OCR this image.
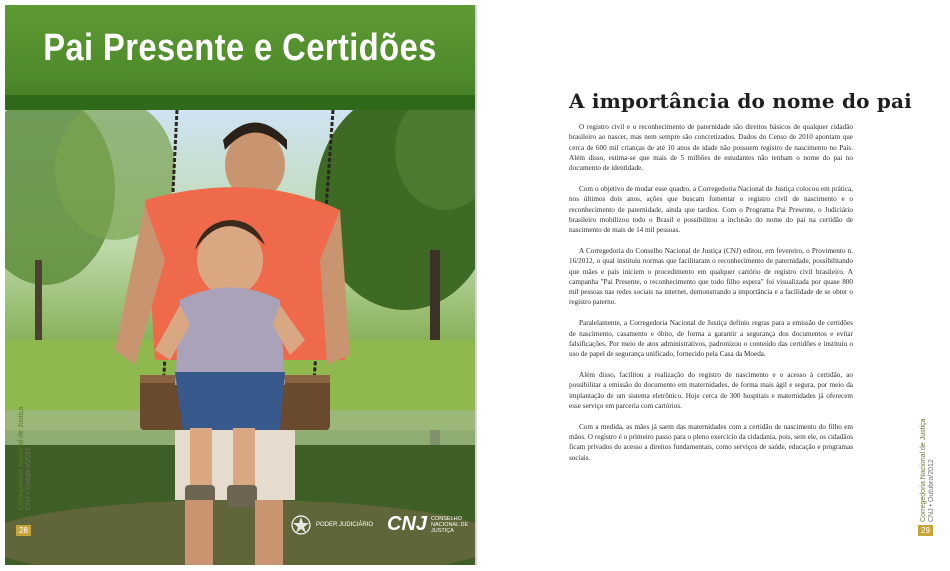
Pai Presente e Certidões
Corregedoria Nacional de Justiça CNJ • Outubro/2012
28
PODER JUDICIÁRIO CNJ CONSELHO NACIONAL DE JUSTIÇA
A importância do nome do pai

O registro civil e o reconhecimento de paternidade são direitos básicos de qualquer cidadão brasileiro ao nascer, mas nem sempre são concretizados. Dados do Censo de 2010 apontam que cerca de 600 mil crianças de até 10 anos de idade não possuem registro de nascimento no País. Além disso, estima-se que mais de 5 milhões de estudantes não tenham o nome do pai no documento de identidade.

Com o objetivo de mudar esse quadro, a Corregedoria Nacional de Justiça colocou em prática, nos últimos dois anos, ações que buscam fomentar o registro civil de nascimento e o reconhecimento de paternidade, ainda que tardios. Com o Programa Pai Presente, o Judiciário brasileiro mobilizou todo o Brasil e possibilitou a inclusão do nome do pai na certidão de nascimento de mais de 14 mil pessoas.

A Corregedoria do Conselho Nacional de Justiça (CNJ) editou, em fevereiro, o Provimento n. 16/2012, o qual instituiu normas que facilitaram o reconhecimento de paternidade, possibilitando que mães e pais iniciem o procedimento em qualquer cartório de registro civil brasileiro. A campanha "Pai Presente, o reconhecimento que todo filho espera" foi visualizada por quase 800 mil pessoas nas redes sociais na internet, demonstrando a importância e a facilidade de se obter o registro paterno.

Paralelamente, a Corregedoria Nacional de Justiça definiu regras para a emissão de certidões de nascimento, casamento e óbito, de forma a garantir a segurança dos documentos e evitar falsificações. Por meio de atos administrativos, padronizou o conteúdo das certidões e instituiu o uso de papel de segurança unificado, fornecido pela Casa da Moeda.

Além disso, facilitou a realização do registro de nascimento e o acesso à certidão, ao possibilitar a emissão do documento em maternidades, de forma mais ágil e segura, por meio da implantação de um sistema eletrônico. Hoje cerca de 300 hospitais e maternidades já oferecem esse serviço em parceria com cartórios.

Com a medida, as mães já saem das maternidades com a certidão de nascimento do filho em mãos. O registro é o primeiro passo para o pleno exercício da cidadania, pois, sem ele, os cidadãos ficam privados do acesso a direitos fundamentais, como serviços de saúde, educação e programas sociais.	Corregedoria Nacional de Justiça CNJ • Outubro/2012
29
